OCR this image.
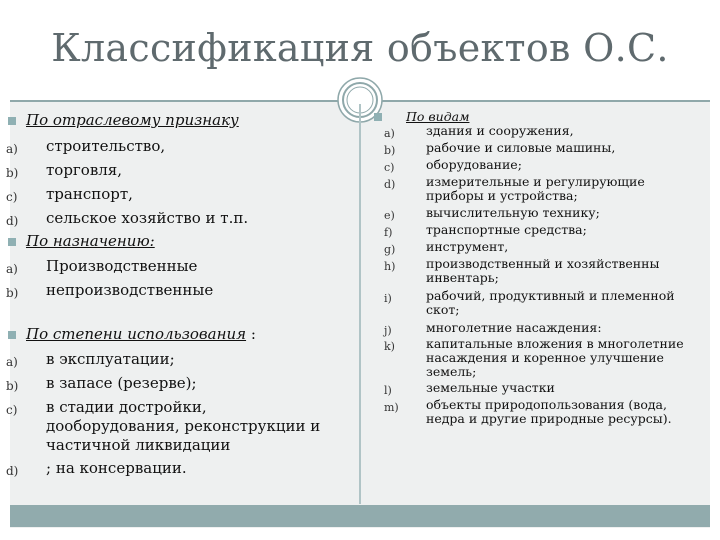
Классификация объектов О.С.
По отраслевому признаку
a) строительство,
b) торговля,
c) транспорт,
d) сельское хозяйство и т.п.
По назначению:
a) Производственные
b) непроизводственные
По степени использования :
a) в эксплуатации;
b) в запасе (резерве);
c) в стадии достройки,
дооборудования, реконструкции и
частичной ликвидации
d) ; на консервации.
По видам
a) здания и сооружения,
b) рабочие и силовые машины,
c)	оборудование;
d) измерительные и регулирующие
приборы и устройства;
e) вычислительную технику;
f)	транспортные средства;
g) инструмент,
h) производственный и хозяйственны
инвентарь;
i)	рабочий, продуктивный и племенной
скот;
j)	многолетние насаждения:
k) капитальные вложения в многолетние
насаждения и коренное улучшение
земель;
l)	земельные участки
m) объекты природопользования (вода,
недра и другие природные ресурсы).
